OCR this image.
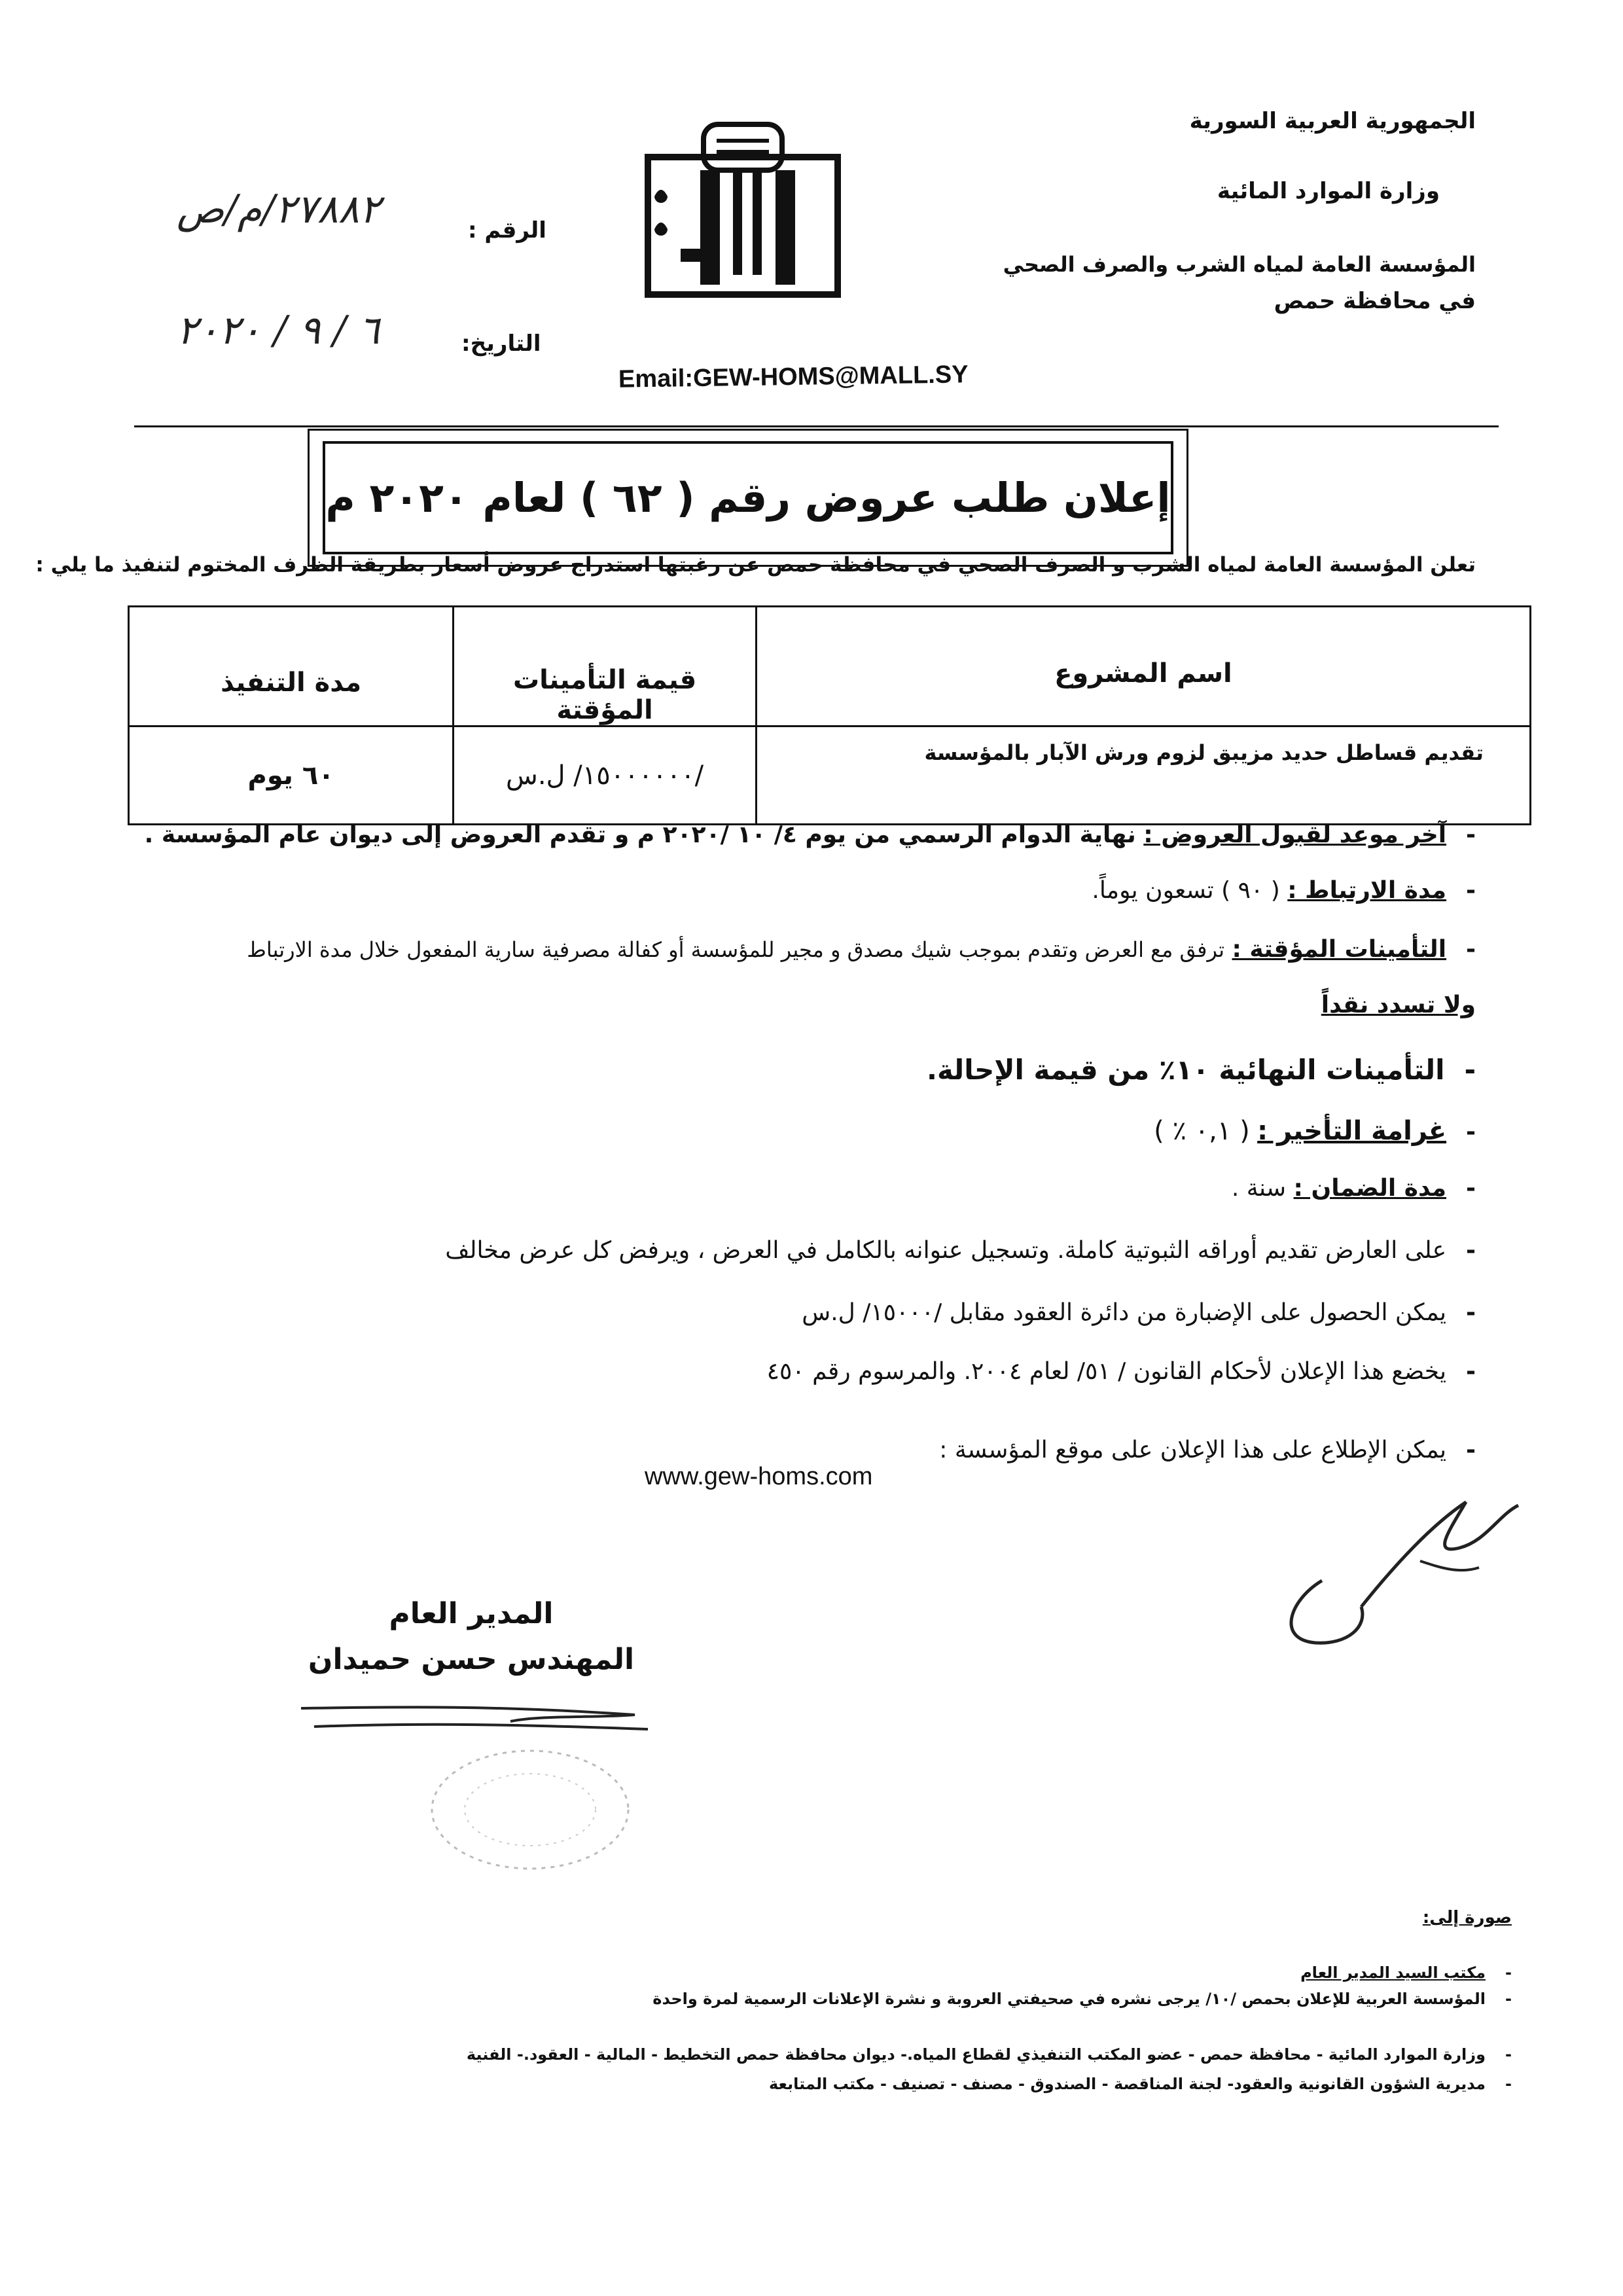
الجمهورية العربية السورية
وزارة الموارد المائية
المؤسسة العامة لمياه الشرب والصرف الصحي
في محافظة حمص
الرقم :
٢٧٨٨٢/م/ص
التاريخ:
٦ / ٩ / ٢٠٢٠
Email:GEW-HOMS@MALL.SY
إعلان طلب عروض رقم ( ٦٢ ) لعام ٢٠٢٠ م
تعلن المؤسسة العامة لمياه الشرب و الصرف الصحي في محافظة حمص عن رغبتها استدراج عروض أسعار بطريقة الظرف المختوم لتنفيذ ما يلي :
اسم المشروع	قيمة التأمينات المؤقتة	مدة التنفيذ
تقديم قساطل حديد مزيبق لزوم ورش الآبار بالمؤسسة	/١٥٠٠٠٠٠٠/ ل.س	٦٠ يوم
-آخر موعد لقبول العروض : نهاية الدوام الرسمي من يوم ٤/ ١٠ /٢٠٢٠ م و تقدم العروض إلى ديوان عام المؤسسة .
-مدة الارتباط : ( ٩٠ ) تسعون يوماً.
-التأمينات المؤقتة : ترفق مع العرض وتقدم بموجب شيك مصدق و مجير للمؤسسة أو كفالة مصرفية سارية المفعول خلال مدة الارتباط
ولا تسدد نقداً
-التأمينات النهائية ١٠٪ من قيمة الإحالة.
-غرامة التأخير : ( ٠,١ ٪ )
-مدة الضمان : سنة .
-على العارض تقديم أوراقه الثبوتية كاملة. وتسجيل عنوانه بالكامل في العرض ، ويرفض كل عرض مخالف
-يمكن الحصول على الإضبارة من دائرة العقود مقابل /١٥٠٠٠/ ل.س
-يخضع هذا الإعلان لأحكام القانون / ٥١/ لعام ٢٠٠٤. والمرسوم رقم ٤٥٠
-يمكن الإطلاع على هذا الإعلان على موقع المؤسسة :
www.gew-homs.com
المدير العام
المهندس حسن حميدان
صورة إلى:
-مكتب السيد المدير العام
-المؤسسة العربية للإعلان بحمص /١٠/ يرجى نشره في صحيفتي العروبة و نشرة الإعلانات الرسمية لمرة واحدة
-وزارة الموارد المائية - محافظة حمص - عضو المكتب التنفيذي لقطاع المياه.- ديوان محافظة حمص التخطيط - المالية - العقود.- الفنية
-مديرية الشؤون القانونية والعقود- لجنة المناقصة - الصندوق - مصنف - تصنيف - مكتب المتابعة
